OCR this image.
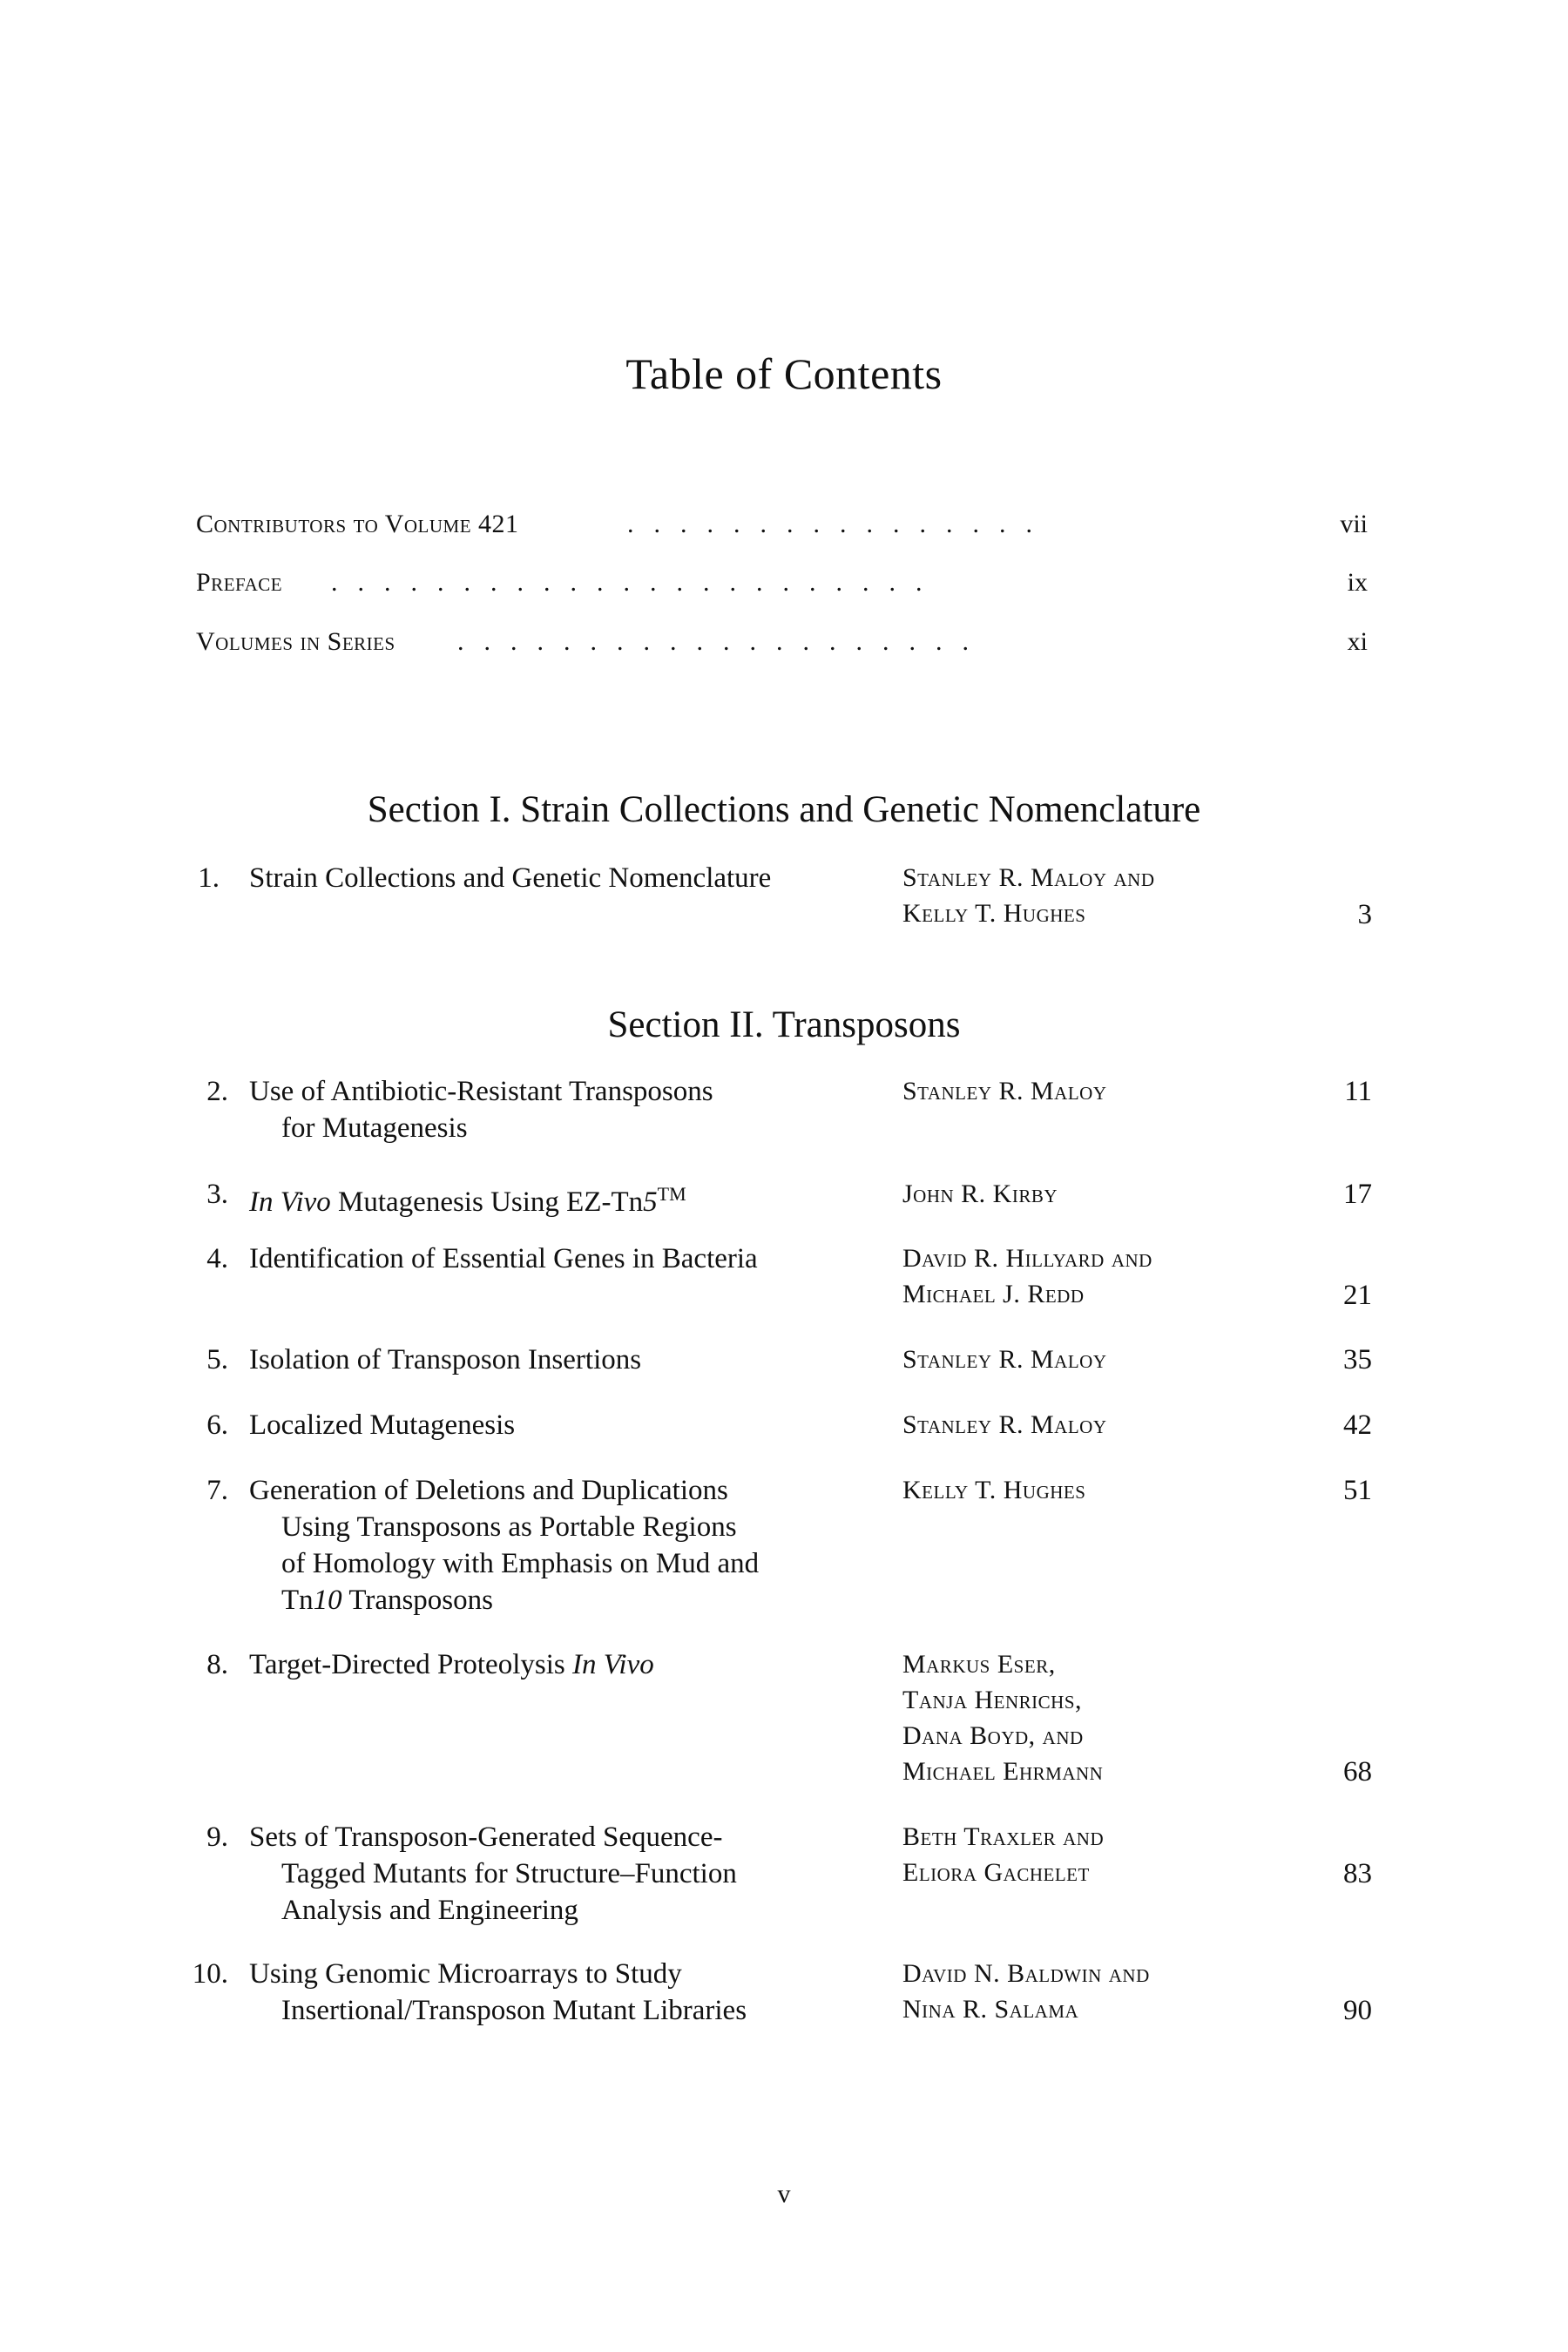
Table of Contents
Contributors to Volume 421	................	vii
Preface .......................	ix
Volumes in Series ....................	xi
Section I. Strain Collections and Genetic Nomenclature
1. Strain Collections and Genetic Nomenclature	Stanley R. Maloy and
Kelly T. Hughes	3
Section II. Transposons
2. Use of Antibiotic-Resistant Transposons
for Mutagenesis
Stanley R. Maloy	11
3. In Vivo Mutagenesis Using EZ-Tn5™	John R. Kirby	17
4. Identification of Essential Genes in Bacteria	David R. Hillyard and
Michael J. Redd	21
5. Isolation of Transposon Insertions	Stanley R. Maloy	35
6. Localized Mutagenesis	Stanley R. Maloy	42
7. Generation of Deletions and Duplications
Using Transposons as Portable Regions
of Homology with Emphasis on Mud and
Tn10 Transposons
Kelly T. Hughes	51
8. Target-Directed Proteolysis In Vivo	Markus Eser,
Tanja Henrichs,
Dana Boyd, and
Michael Ehrmann	68
9. Sets of Transposon-Generated Sequence-
Tagged Mutants for Structure–Function
Analysis and Engineering
Beth Traxler and
Eliora Gachelet	83
10. Using Genomic Microarrays to Study
Insertional/Transposon Mutant Libraries
David N. Baldwin and
Nina R. Salama	90
v
